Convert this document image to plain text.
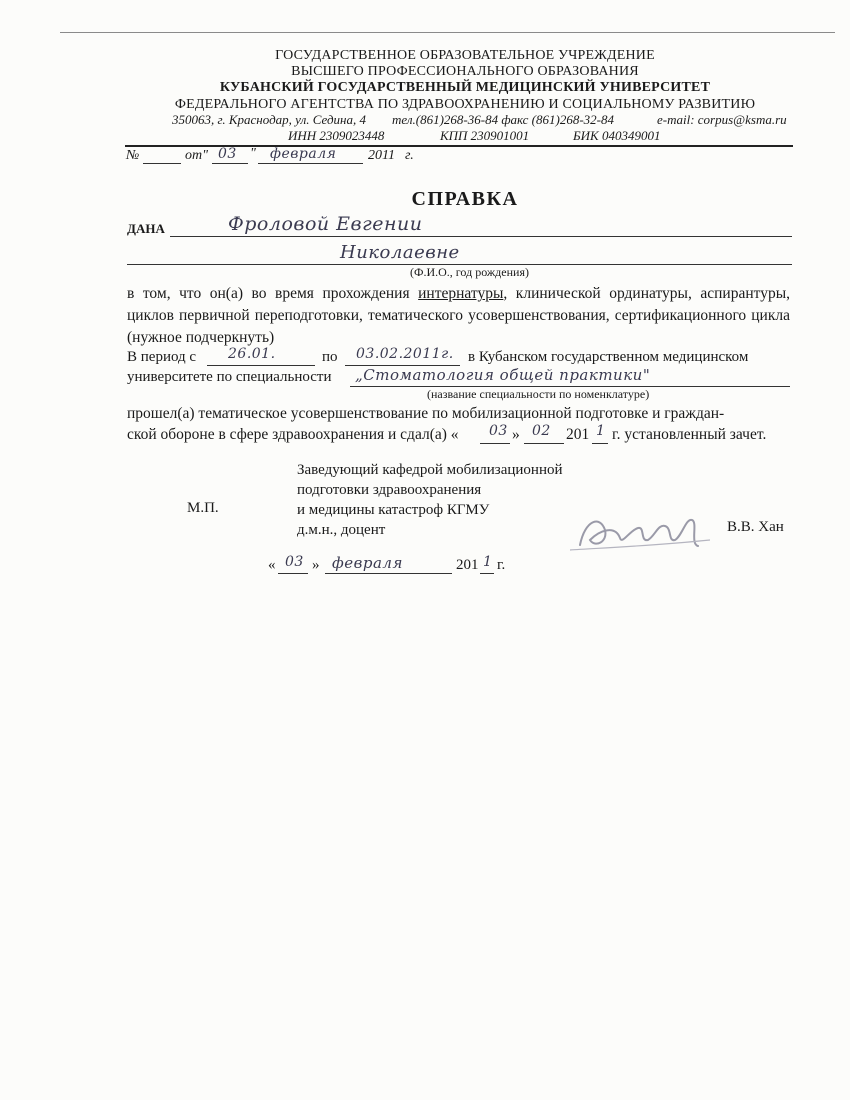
ГОСУДАРСТВЕННОЕ ОБРАЗОВАТЕЛЬНОЕ УЧРЕЖДЕНИЕ
ВЫСШЕГО ПРОФЕССИОНАЛЬНОГО ОБРАЗОВАНИЯ
КУБАНСКИЙ ГОСУДАРСТВЕННЫЙ МЕДИЦИНСКИЙ УНИВЕРСИТЕТ
ФЕДЕРАЛЬНОГО АГЕНТСТВА ПО ЗДРАВООХРАНЕНИЮ И СОЦИАЛЬНОМУ РАЗВИТИЮ
350063, г. Краснодар, ул. Седина, 4 тел.(861)268-36-84 факс (861)268-32-84	e-mail: corpus@ksma.ru
ИНН 2309023448	КПП 230901001	БИК 040349001
№	от" 03 " февраля 2011 г.
СПРАВКА
ДАНА	Фроловой Евгении
Николаевне
(Ф.И.О., год рождения)
в том, что он(а) во время прохождения интернатуры, клинической ординатуры, аспирантуры, циклов первичной переподготовки, тематического усовершенствования, сертификационного цикла (нужное подчеркнуть)
В период с 26.01.	по 03.02.2011г. в Кубанском государственном медицинском
университете по специальности „Стоматология общей практики"
(название специальности по номенклатуре)
прошел(а) тематическое усовершенствование по мобилизационной подготовке и граждан-
ской обороне в сфере здравоохранения и сдал(а) « 03 » 02 201 1 г. установленный зачет.
Заведующий кафедрой мобилизационной
подготовки здравоохранения
и медицины катастроф КГМУ
д.м.н., доцент
М.П.
В.В. Хан
« 03 » февраля	201 1 г.
